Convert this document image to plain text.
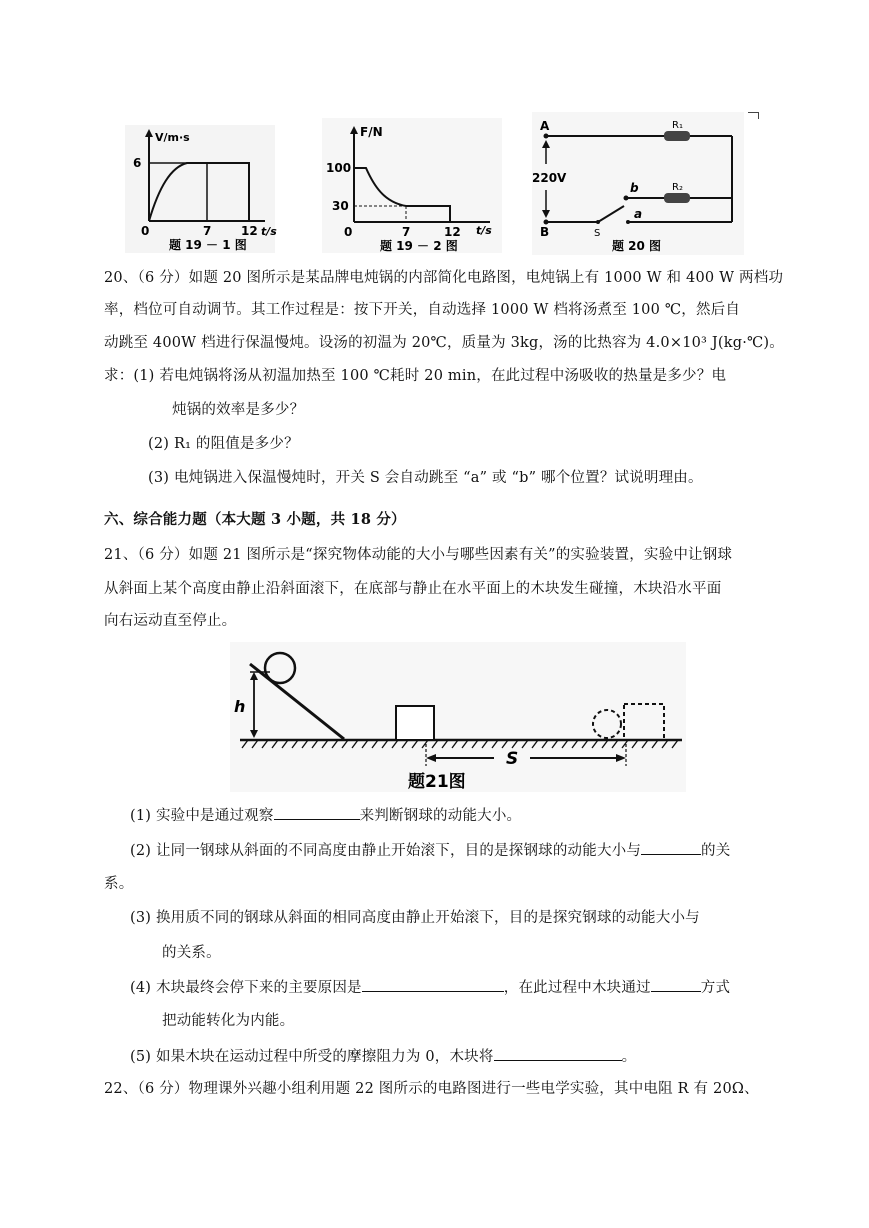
V/m·s
6
0	7 12 t/s
题 19 － 1 图
F/N
100
30
0	7	12 t/s
题 19 － 2 图
A
B
220V
R₁
R₂
b
a
S
题 20 图
20、（6 分）如题 20 图所示是某品牌电炖锅的内部简化电路图，电炖锅上有 1000 W 和 400 W 两档功
率，档位可自动调节。其工作过程是：按下开关，自动选择 1000 W 档将汤煮至 100 ℃，然后自
动跳至 400W 档进行保温慢炖。设汤的初温为 20℃，质量为 3kg，汤的比热容为 4.0×10³ J(kg·℃)。
求：(1) 若电炖锅将汤从初温加热至 100 ℃耗时 20 min，在此过程中汤吸收的热量是多少？电
炖锅的效率是多少？
(2) R₁ 的阻值是多少？
(3) 电炖锅进入保温慢炖时，开关 S 会自动跳至 “a” 或 “b” 哪个位置？试说明理由。
六、综合能力题（本大题 3 小题，共 18 分）
21、（6 分）如题 21 图所示是“探究物体动能的大小与哪些因素有关”的实验装置，实验中让钢球
从斜面上某个高度由静止沿斜面滚下，在底部与静止在水平面上的木块发生碰撞，木块沿水平面
向右运动直至停止。
h
S
题21图
(1) 实验中是通过观察	来判断钢球的动能大小。
(2) 让同一钢球从斜面的不同高度由静止开始滚下，目的是探钢球的动能大小与	的关
系。
(3) 换用质不同的钢球从斜面的相同高度由静止开始滚下，目的是探究钢球的动能大小与
的关系。
(4) 木块最终会停下来的主要原因是	，在此过程中木块通过	方式
把动能转化为内能。
(5) 如果木块在运动过程中所受的摩擦阻力为 0，木块将	。
22、（6 分）物理课外兴趣小组利用题 22 图所示的电路图进行一些电学实验，其中电阻 R 有 20Ω、
